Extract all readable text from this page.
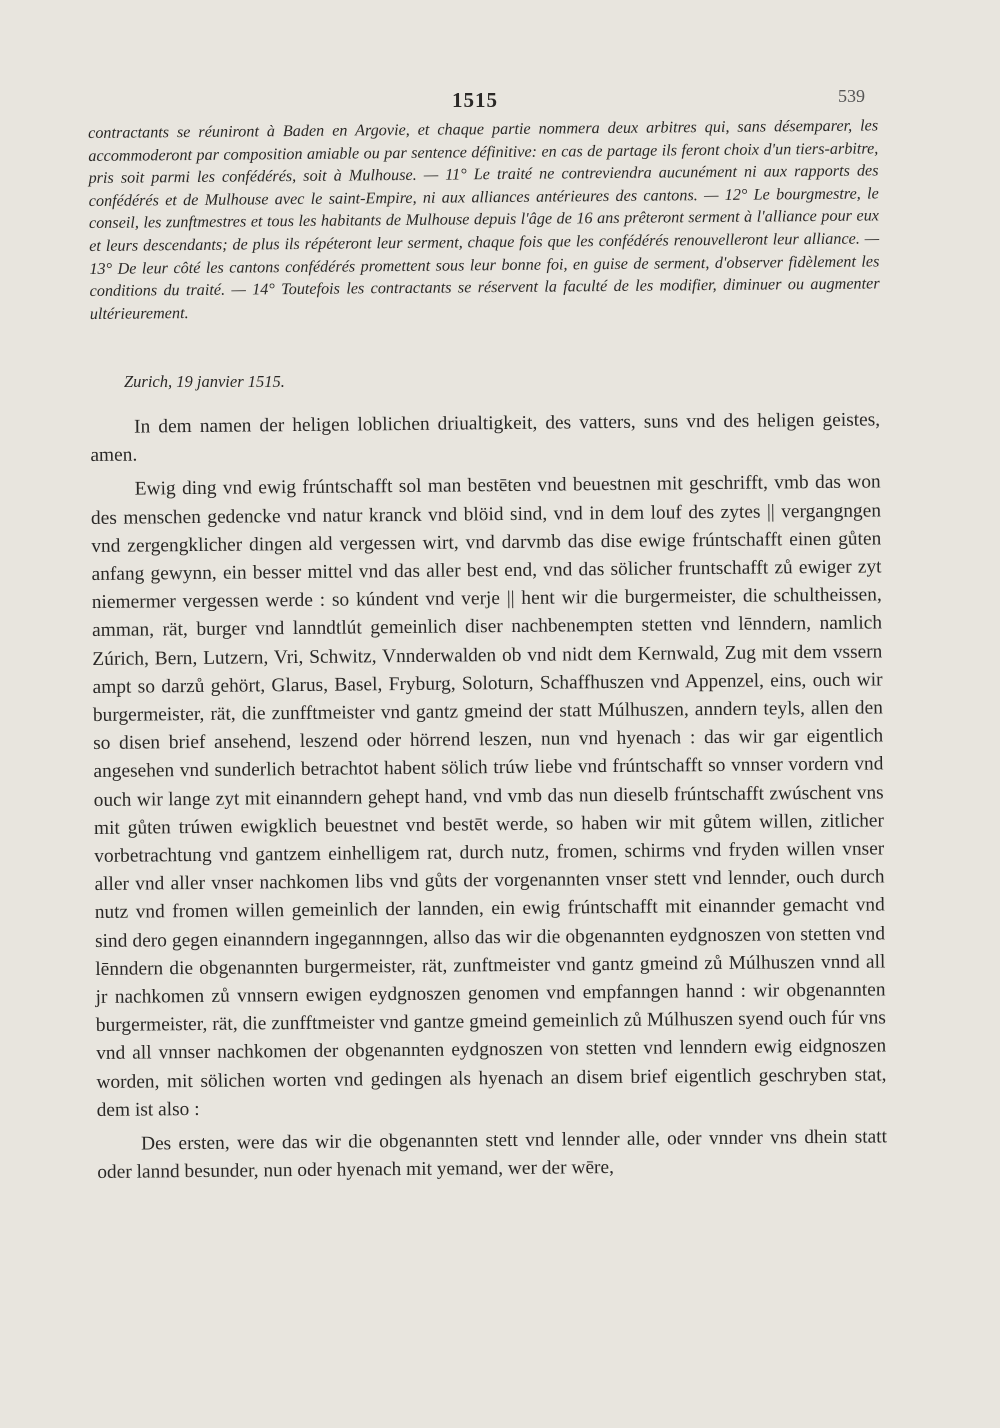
1515	539

contractants se réuniront à Baden en Argovie, et chaque partie nommera deux arbitres qui, sans désemparer, les accommoderont par composition amiable ou par sentence définitive: en cas de partage ils feront choix d'un tiers-arbitre, pris soit parmi les confédérés, soit à Mulhouse. — 11° Le traité ne contreviendra aucunément ni aux rapports des confédérés et de Mulhouse avec le saint-Empire, ni aux alliances antérieures des cantons. — 12° Le bourgmestre, le conseil, les zunftmestres et tous les habitants de Mulhouse depuis l'âge de 16 ans prêteront serment à l'alliance pour eux et leurs descendants; de plus ils répéteront leur serment, chaque fois que les confédérés renouvelleront leur alliance. — 13° De leur côté les cantons confédérés promettent sous leur bonne foi, en guise de serment, d'observer fidèlement les conditions du traité. — 14° Toutefois les contractants se réservent la faculté de les modifier, diminuer ou augmenter ultérieurement.

Zurich, 19 janvier 1515.

In dem namen der heligen loblichen driualtigkeit, des vatters, suns vnd des heligen geistes, amen.

Ewig ding vnd ewig frúntschafft sol man bestēten vnd beuestnen mit geschrifft, vmb das won des menschen gedencke vnd natur kranck vnd blöid sind, vnd in dem louf des zytes || vergangngen vnd zergengklicher dingen ald vergessen wirt, vnd darvmb das dise ewige frúntschafft einen gůten anfang gewynn, ein besser mittel vnd das aller best end, vnd das sölicher fruntschafft zů ewiger zyt niemermer vergessen werde : so kúndent vnd verje || hent wir die burgermeister, die schultheissen, amman, rät, burger vnd lanndtlút gemeinlich diser nachbenempten stetten vnd lēnndern, namlich Zúrich, Bern, Lutzern, Vri, Schwitz, Vnnderwalden ob vnd nidt dem Kernwald, Zug mit dem vssern ampt so darzů gehört, Glarus, Basel, Fryburg, Soloturn, Schaffhuszen vnd Appenzel, eins, ouch wir burgermeister, rät, die zunfftmeister vnd gantz gmeind der statt Múlhuszen, anndern teyls, allen den so disen brief ansehend, leszend oder hörrend leszen, nun vnd hyenach : das wir gar eigentlich angesehen vnd sunderlich betrachtot habent sölich trúw liebe vnd frúntschafft so vnnser vordern vnd ouch wir lange zyt mit einanndern gehept hand, vnd vmb das nun dieselb frúntschafft zwúschent vns mit gůten trúwen ewigklich beuestnet vnd bestēt werde, so haben wir mit gůtem willen, zitlicher vorbetrachtung vnd gantzem einhelligem rat, durch nutz, fromen, schirms vnd fryden willen vnser aller vnd aller vnser nachkomen libs vnd gůts der vorgenannten vnser stett vnd lennder, ouch durch nutz vnd fromen willen gemeinlich der lannden, ein ewig frúntschafft mit einannder gemacht vnd sind dero gegen einanndern ingegannngen, allso das wir die obgenannten eydgnoszen von stetten vnd lēnndern die obgenannten burgermeister, rät, zunftmeister vnd gantz gmeind zů Múlhuszen vnnd all jr nachkomen zů vnnsern ewigen eydgnoszen genomen vnd empfanngen hannd : wir obgenannten burgermeister, rät, die zunfftmeister vnd gantze gmeind gemeinlich zů Múlhuszen syend ouch fúr vns vnd all vnnser nachkomen der obgenannten eydgnoszen von stetten vnd lenndern ewig eidgnoszen worden, mit sölichen worten vnd gedingen als hyenach an disem brief eigentlich geschryben stat, dem ist also :

Des ersten, were das wir die obgenannten stett vnd lennder alle, oder vnnder vns dhein statt oder lannd besunder, nun oder hyenach mit yemand, wer der wēre,
